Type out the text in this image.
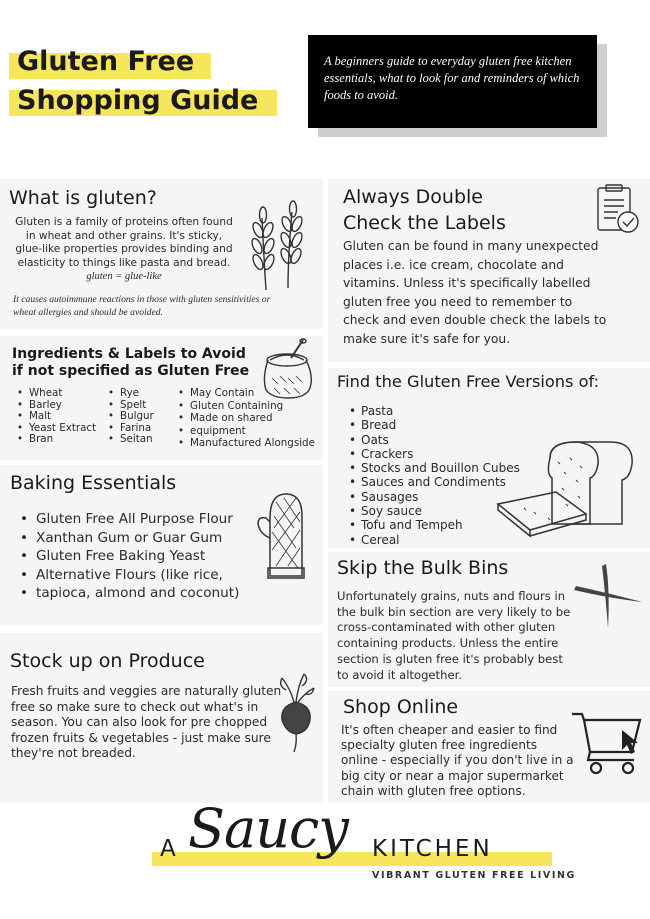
Gluten Free
Shopping Guide
A beginners guide to everyday gluten free kitchen essentials, what to look for and reminders of which foods to avoid.
What is gluten?
Gluten is a family of proteins often found
in wheat and other grains. It's sticky,
glue-like properties provides binding and
elasticity to things like pasta and bread.
gluten = glue-like
It causes autoimmune reactions in those with gluten sensitivities or
wheat allergies and should be avoided.
Ingredients & Labels to Avoid
if not specified as Gluten Free
• Wheat
• Barley
• Malt
• Yeast Extract
• Bran
• Rye
• Spelt
• Bulgur
• Farina
• Seitan
• May Contain
• Gluten Containing
• Made on shared
• equipment
• Manufactured Alongside
Baking Essentials
• Gluten Free All Purpose Flour
• Xanthan Gum or Guar Gum
• Gluten Free Baking Yeast
• Alternative Flours (like rice,
• tapioca, almond and coconut)
Stock up on Produce
Fresh fruits and veggies are naturally gluten
free so make sure to check out what's in
season. You can also look for pre chopped
frozen fruits & vegetables - just make sure
they're not breaded.
Always Double
Check the Labels
Gluten can be found in many unexpected
places i.e. ice cream, chocolate and
vitamins. Unless it's specifically labelled
gluten free you need to remember to
check and even double check the labels to
make sure it's safe for you.
Find the Gluten Free Versions of:
• Pasta
• Bread
• Oats
• Crackers
• Stocks and Bouillon Cubes
• Sauces and Condiments
• Sausages
• Soy sauce
• Tofu and Tempeh
• Cereal
Skip the Bulk Bins
Unfortunately grains, nuts and flours in
the bulk bin section are very likely to be
cross-contaminated with other gluten
containing products. Unless the entire
section is gluten free it's probably best
to avoid it altogether.
Shop Online
It's often cheaper and easier to find
specialty gluten free ingredients
online - especially if you don't live in a
big city or near a major supermarket
chain with gluten free options.
A Saucy KITCHEN
VIBRANT GLUTEN FREE LIVING
